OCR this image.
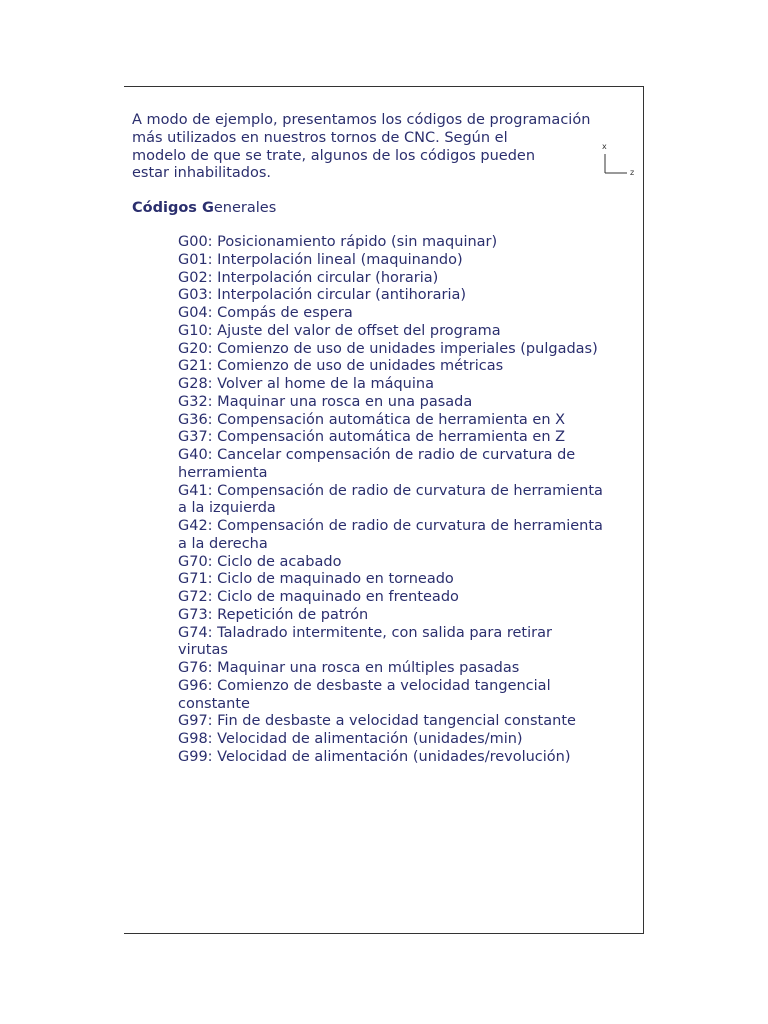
A modo de ejemplo, presentamos los códigos de programación
más utilizados en nuestros tornos de CNC. Según el
modelo de que se trate, algunos de los códigos pueden
estar inhabilitados.

x
z
Códigos Generales
G00: Posicionamiento rápido (sin maquinar)
G01: Interpolación lineal (maquinando)
G02: Interpolación circular (horaria)
G03: Interpolación circular (antihoraria)
G04: Compás de espera
G10: Ajuste del valor de offset del programa
G20: Comienzo de uso de unidades imperiales (pulgadas)
G21: Comienzo de uso de unidades métricas
G28: Volver al home de la máquina
G32: Maquinar una rosca en una pasada
G36: Compensación automática de herramienta en X
G37: Compensación automática de herramienta en Z
G40: Cancelar compensación de radio de curvatura de
herramienta
G41: Compensación de radio de curvatura de herramienta
a la izquierda
G42: Compensación de radio de curvatura de herramienta
a la derecha
G70: Ciclo de acabado
G71: Ciclo de maquinado en torneado
G72: Ciclo de maquinado en frenteado
G73: Repetición de patrón
G74: Taladrado intermitente, con salida para retirar
virutas
G76: Maquinar una rosca en múltiples pasadas
G96: Comienzo de desbaste a velocidad tangencial
constante
G97: Fin de desbaste a velocidad tangencial constante
G98: Velocidad de alimentación (unidades/min)
G99: Velocidad de alimentación (unidades/revolución)
